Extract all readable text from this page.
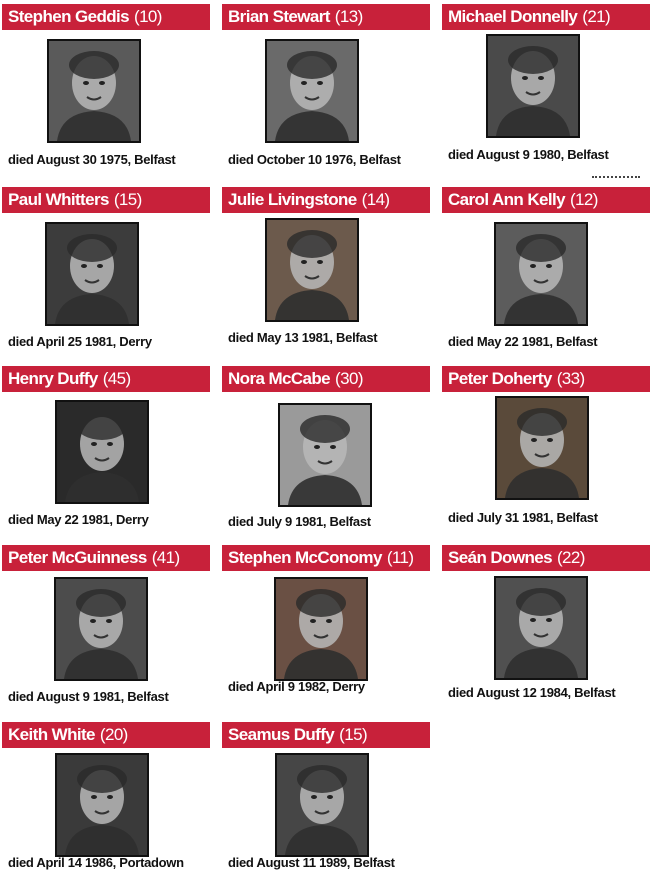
Stephen Geddis (10)
died August 30 1975, Belfast
Brian Stewart (13)
died October 10 1976, Belfast
Michael Donnelly (21)
died August 9 1980, Belfast
Paul Whitters (15)
died April 25 1981, Derry
Julie Livingstone (14)
died May 13 1981, Belfast
Carol Ann Kelly (12)
died May 22 1981, Belfast
Henry Duffy (45)
died May 22 1981, Derry
Nora McCabe (30)
died July 9 1981, Belfast
Peter Doherty (33)
died July 31 1981, Belfast
Peter McGuinness (41)
died August 9 1981, Belfast
Stephen McConomy (11)
died April 9 1982, Derry
Seán Downes (22)
died August 12 1984, Belfast
Keith White (20)
died April 14 1986, Portadown
Seamus Duffy (15)
died August 11 1989, Belfast
